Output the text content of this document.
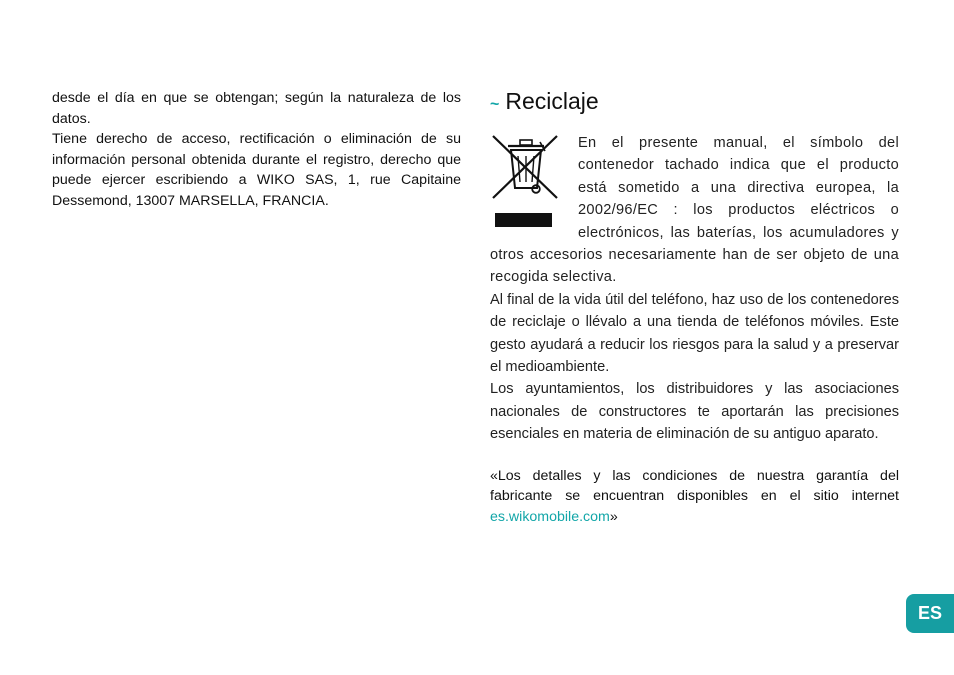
desde el día en que se obtengan; según la naturaleza de los datos.

Tiene derecho de acceso, rectificación o eliminación de su información personal obtenida durante el registro, derecho que puede ejercer escribiendo a WIKO SAS, 1, rue Capitaine Dessemond, 13007 MARSELLA, FRANCIA.

~ Reciclaje

En el presente manual, el símbolo del contenedor tachado indica que el producto está sometido a una directiva europea, la 2002/96/EC : los productos eléctricos o electrónicos, las baterías, los acumuladores y otros accesorios necesariamente han de ser objeto de una recogida selectiva.

Al final de la vida útil del teléfono, haz uso de los contenedores de reciclaje o llévalo a una tienda de teléfonos móviles. Este gesto ayudará a reducir los riesgos para la salud y a preservar el medioambiente.

Los ayuntamientos, los distribuidores y las asociaciones nacionales de constructores te aportarán las precisiones esenciales en materia de eliminación de su antiguo aparato.

«Los detalles y las condiciones de nuestra garantía del fabricante se encuentran disponibles en el sitio internet es.wikomobile.com»

ES
